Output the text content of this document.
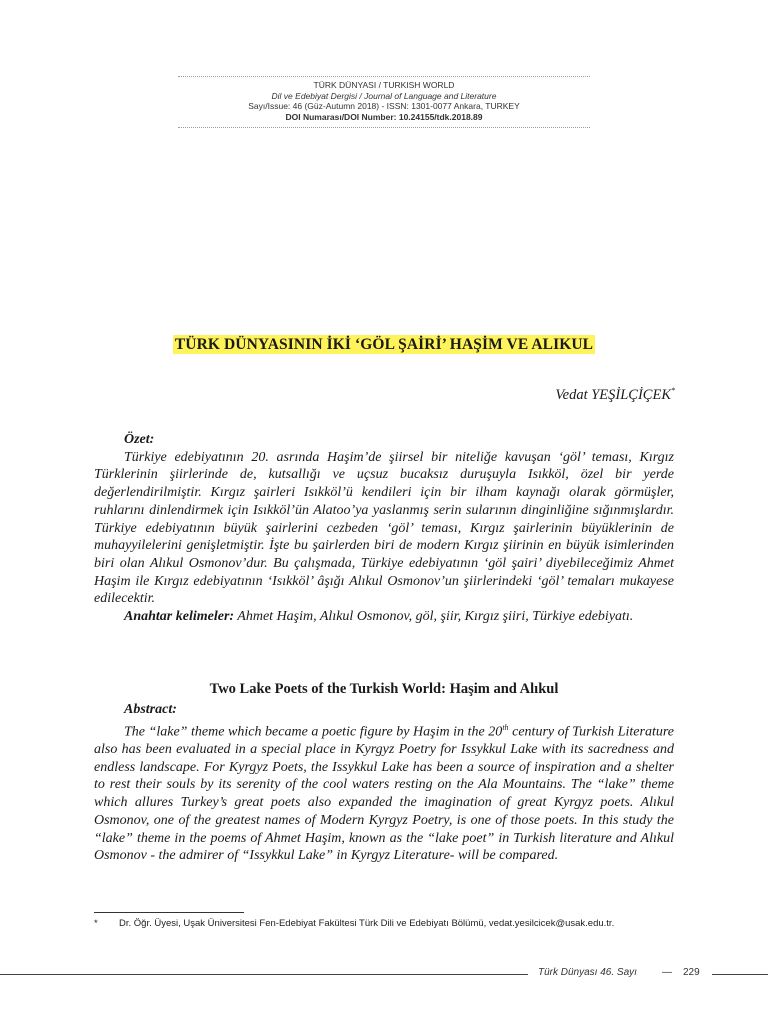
TÜRK DÜNYASI / TURKISH WORLD
Dil ve Edebiyat Dergisi / Journal of Language and Literature
Sayı/Issue: 46 (Güz-Autumn 2018) - ISSN: 1301-0077 Ankara, TURKEY
DOI Numarası/DOI Number: 10.24155/tdk.2018.89
TÜRK DÜNYASININ İKİ ‘GÖL ŞAİRİ’ HAŞİM VE ALIKUL
Vedat YEŞİLÇİÇEK*
Özet:

Türkiye edebiyatının 20. asrında Haşim’de şiirsel bir niteliğe kavuşan ‘göl’ teması, Kırgız Türklerinin şiirlerinde de, kutsallığı ve uçsuz bucaksız duruşuyla Isıkköl, özel bir yerde değerlendirilmiştir. Kırgız şairleri Isıkköl’ü kendileri için bir ilham kaynağı olarak görmüşler, ruhlarını dinlendirmek için Isıkköl’ün Alatoo’ya yaslanmış serin sularının dinginliğine sığınmışlardır. Türkiye edebiyatının büyük şairlerini cezbeden ‘göl’ teması, Kırgız şairlerinin büyüklerinin de muhayyilelerini genişletmiştir. İşte bu şairlerden biri de modern Kırgız şiirinin en büyük isimlerinden biri olan Alıkul Osmonov’dur. Bu çalışmada, Türkiye edebiyatının ‘göl şairi’ diyebileceğimiz Ahmet Haşim ile Kırgız edebiyatının ‘Isıkköl’ âşığı Alıkul Osmonov’un şiirlerindeki ‘göl’ temaları mukayese edilecektir.

Anahtar kelimeler: Ahmet Haşim, Alıkul Osmonov, göl, şiir, Kırgız şiiri, Türkiye edebiyatı.

Two Lake Poets of the Turkish World: Haşim and Alıkul
Abstract:

The “lake” theme which became a poetic figure by Haşim in the 20th century of Turkish Literature also has been evaluated in a special place in Kyrgyz Poetry for Issykkul Lake with its sacredness and endless landscape. For Kyrgyz Poets, the Issykkul Lake has been a source of inspiration and a shelter to rest their souls by its serenity of the cool waters resting on the Ala Mountains. The “lake” theme which allures Turkey’s great poets also expanded the imagination of great Kyrgyz poets. Alıkul Osmonov, one of the greatest names of Modern Kyrgyz Poetry, is one of those poets. In this study the “lake” theme in the poems of Ahmet Haşim, known as the “lake poet” in Turkish literature and Alıkul Osmonov - the admirer of “Issykkul Lake” in Kyrgyz Literature- will be compared.

* Dr. Öğr. Üyesi, Uşak Üniversitesi Fen-Edebiyat Fakültesi Türk Dili ve Edebiyatı Bölümü, vedat.yesilcicek@usak.edu.tr.
Türk Dünyası 46. Sayı	— 229
